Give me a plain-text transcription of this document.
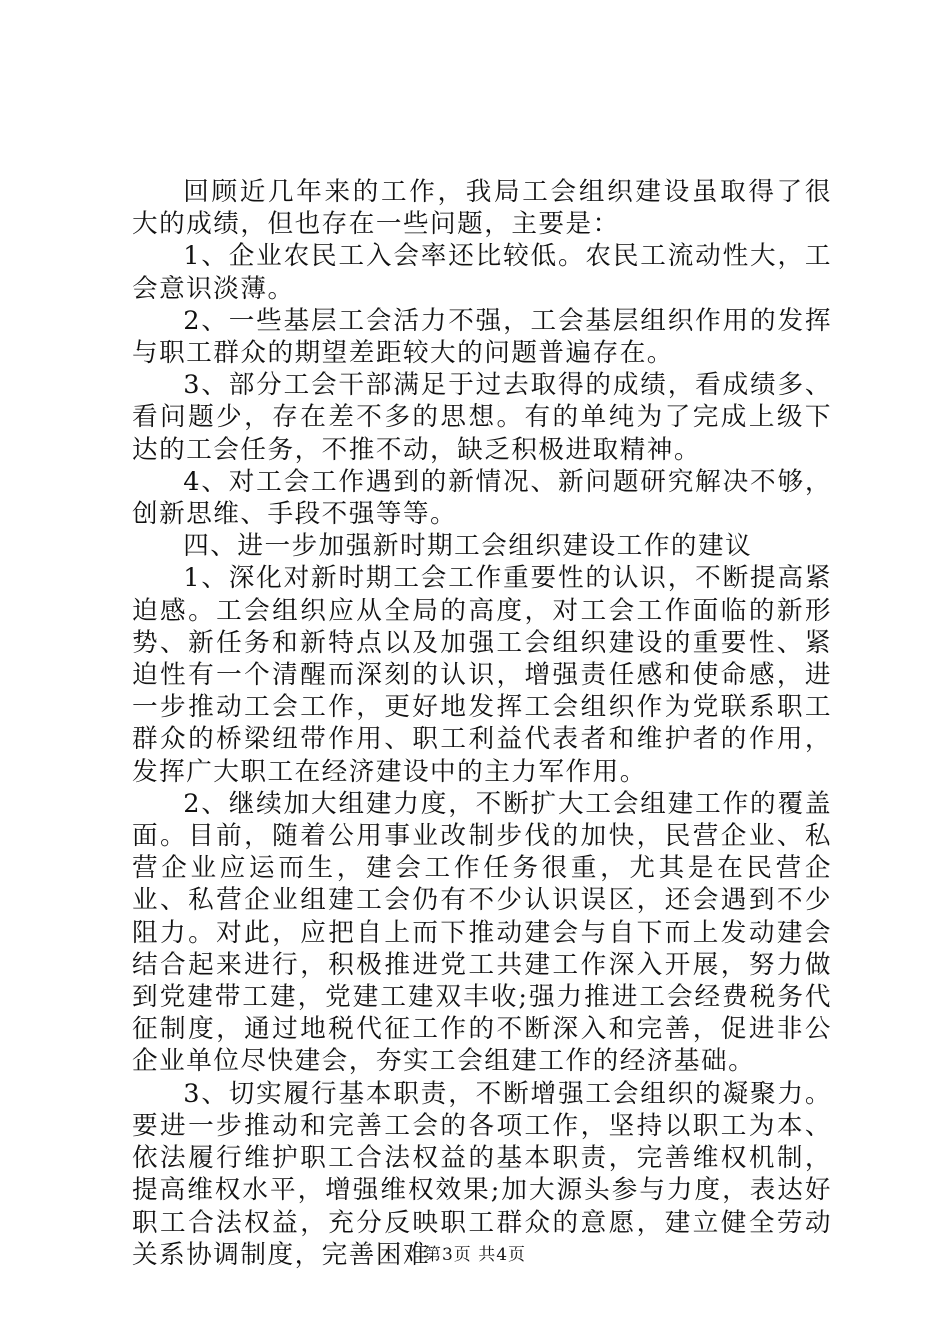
回顾近几年来的工作，我局工会组织建设虽取得了很大的成绩，但也存在一些问题，主要是：

1、企业农民工入会率还比较低。农民工流动性大，工会意识淡薄。

2、一些基层工会活力不强，工会基层组织作用的发挥与职工群众的期望差距较大的问题普遍存在。

3、部分工会干部满足于过去取得的成绩，看成绩多、看问题少，存在差不多的思想。有的单纯为了完成上级下达的工会任务，不推不动，缺乏积极进取精神。

4、对工会工作遇到的新情况、新问题研究解决不够，创新思维、手段不强等等。

四、进一步加强新时期工会组织建设工作的建议

1、深化对新时期工会工作重要性的认识，不断提高紧迫感。工会组织应从全局的高度，对工会工作面临的新形势、新任务和新特点以及加强工会组织建设的重要性、紧迫性有一个清醒而深刻的认识，增强责任感和使命感，进一步推动工会工作，更好地发挥工会组织作为党联系职工群众的桥梁纽带作用、职工利益代表者和维护者的作用，发挥广大职工在经济建设中的主力军作用。

2、继续加大组建力度，不断扩大工会组建工作的覆盖面。目前，随着公用事业改制步伐的加快，民营企业、私营企业应运而生，建会工作任务很重，尤其是在民营企业、私营企业组建工会仍有不少认识误区，还会遇到不少阻力。对此，应把自上而下推动建会与自下而上发动建会结合起来进行，积极推进党工共建工作深入开展，努力做到党建带工建，党建工建双丰收;强力推进工会经费税务代征制度，通过地税代征工作的不断深入和完善，促进非公企业单位尽快建会，夯实工会组建工作的经济基础。

3、切实履行基本职责，不断增强工会组织的凝聚力。要进一步推动和完善工会的各项工作，坚持以职工为本、依法履行维护职工合法权益的基本职责，完善维权机制，提高维权水平，增强维权效果;加大源头参与力度，表达好职工合法权益，充分反映职工群众的意愿，建立健全劳动关系协调制度，完善困难

第3页 共4页
